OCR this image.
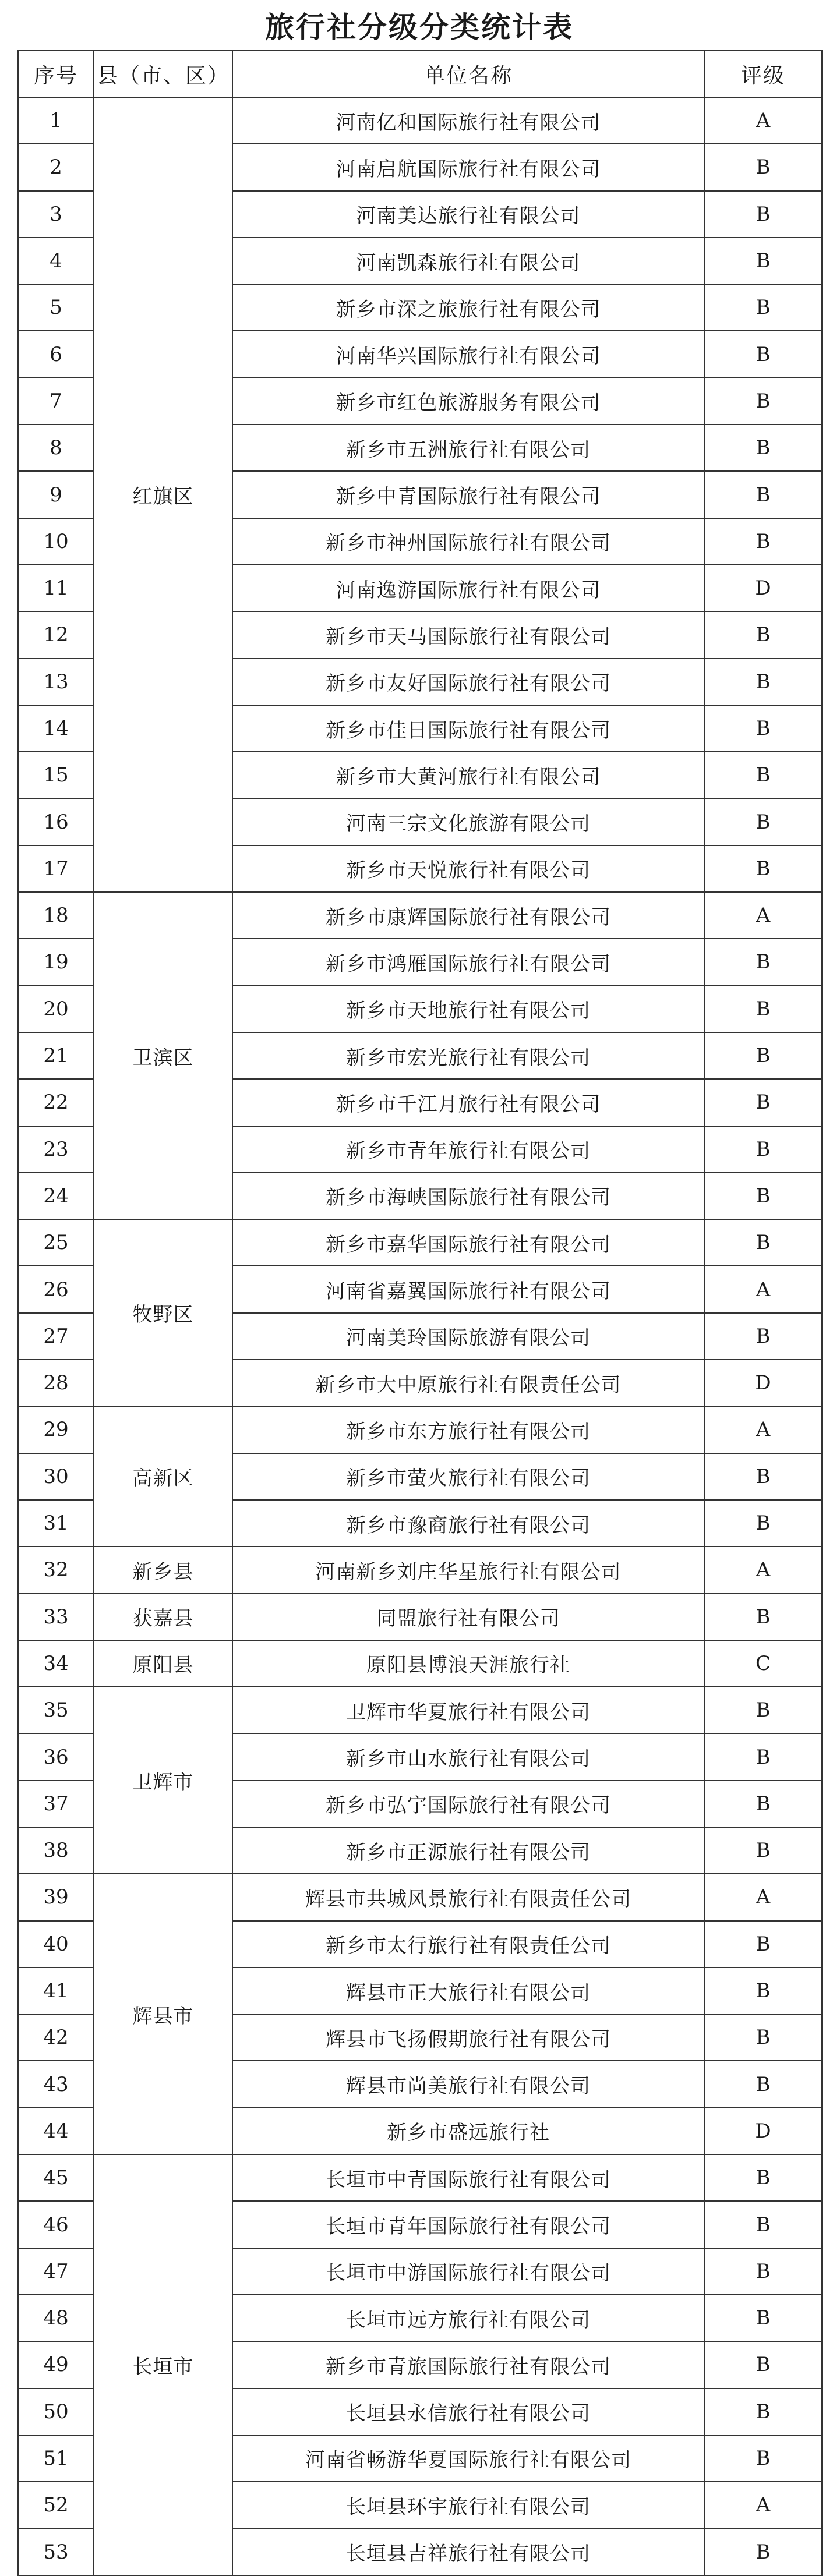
旅行社分级分类统计表
序号	县（市、区）	单位名称	评级
1	红旗区	河南亿和国际旅行社有限公司	A
2		河南启航国际旅行社有限公司	B
3		河南美达旅行社有限公司	B
4		河南凯森旅行社有限公司	B
5		新乡市深之旅旅行社有限公司	B
6		河南华兴国际旅行社有限公司	B
7		新乡市红色旅游服务有限公司	B
8		新乡市五洲旅行社有限公司	B
9		新乡中青国际旅行社有限公司	B
10		新乡市神州国际旅行社有限公司	B
11		河南逸游国际旅行社有限公司	D
12		新乡市天马国际旅行社有限公司	B
13		新乡市友好国际旅行社有限公司	B
14		新乡市佳日国际旅行社有限公司	B
15		新乡市大黄河旅行社有限公司	B
16		河南三宗文化旅游有限公司	B
17		新乡市天悦旅行社有限公司	B
18	卫滨区	新乡市康辉国际旅行社有限公司	A
19		新乡市鸿雁国际旅行社有限公司	B
20		新乡市天地旅行社有限公司	B
21		新乡市宏光旅行社有限公司	B
22		新乡市千江月旅行社有限公司	B
23		新乡市青年旅行社有限公司	B
24		新乡市海峡国际旅行社有限公司	B
25	牧野区	新乡市嘉华国际旅行社有限公司	B
26		河南省嘉翼国际旅行社有限公司	A
27		河南美玲国际旅游有限公司	B
28		新乡市大中原旅行社有限责任公司	D
29	高新区	新乡市东方旅行社有限公司	A
30		新乡市萤火旅行社有限公司	B
31		新乡市豫商旅行社有限公司	B
32	新乡县	河南新乡刘庄华星旅行社有限公司	A
33	获嘉县	同盟旅行社有限公司	B
34	原阳县	原阳县博浪天涯旅行社	C
35	卫辉市	卫辉市华夏旅行社有限公司	B
36		新乡市山水旅行社有限公司	B
37		新乡市弘宇国际旅行社有限公司	B
38		新乡市正源旅行社有限公司	B
39	辉县市	辉县市共城风景旅行社有限责任公司	A
40		新乡市太行旅行社有限责任公司	B
41		辉县市正大旅行社有限公司	B
42		辉县市飞扬假期旅行社有限公司	B
43		辉县市尚美旅行社有限公司	B
44		新乡市盛远旅行社	D
45	长垣市	长垣市中青国际旅行社有限公司	B
46		长垣市青年国际旅行社有限公司	B
47		长垣市中游国际旅行社有限公司	B
48		长垣市远方旅行社有限公司	B
49		新乡市青旅国际旅行社有限公司	B
50		长垣县永信旅行社有限公司	B
51		河南省畅游华夏国际旅行社有限公司	B
52		长垣县环宇旅行社有限公司	A
53		长垣县吉祥旅行社有限公司	B
